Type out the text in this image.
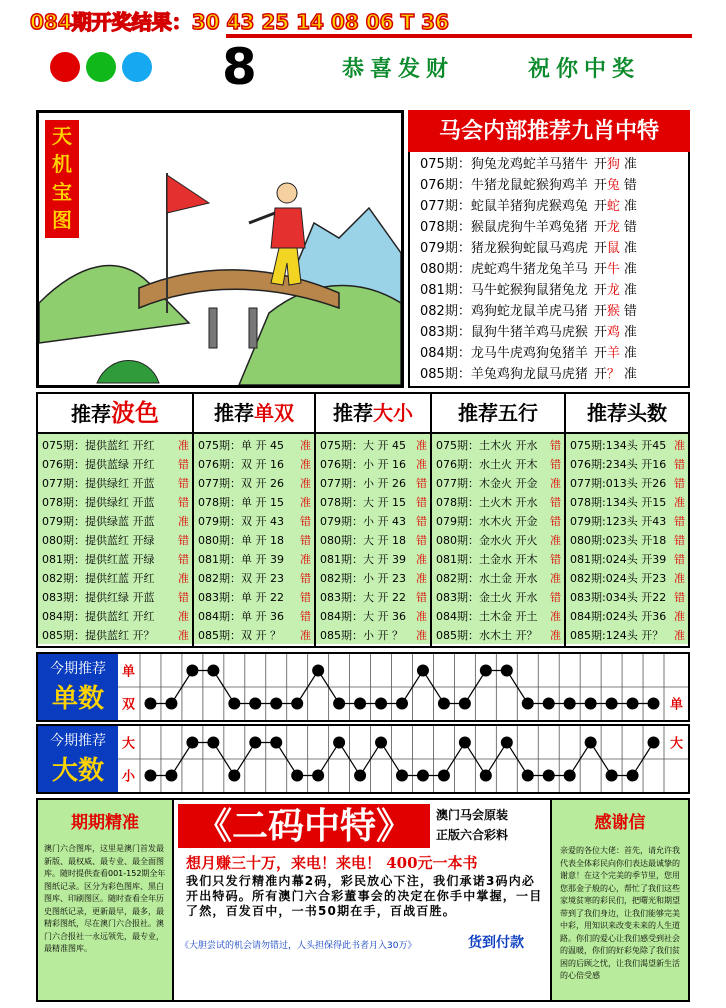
084期开奖结果：30 43 25 14 08 06 T 36
8	恭喜发财	祝你中奖
天
机
宝
图
马会内部推荐九肖中特
075期：狗兔龙鸡蛇羊马猪牛 开狗 准
076期：牛猪龙鼠蛇猴狗鸡羊 开兔 错
077期：蛇鼠羊猪狗虎猴鸡兔 开蛇 准
078期：猴鼠虎狗牛羊鸡兔猪 开龙 错
079期：猪龙猴狗蛇鼠马鸡虎 开鼠 准
080期：虎蛇鸡牛猪龙兔羊马 开牛 准
081期：马牛蛇猴狗鼠猪兔龙 开龙 准
082期：鸡狗蛇龙鼠羊虎马猪 开猴 错
083期：鼠狗牛猪羊鸡马虎猴 开鸡 准
084期：龙马牛虎鸡狗兔猪羊 开羊 准
085期：羊兔鸡狗龙鼠马虎猪 开？ 准
推荐波色
075期：提供蓝红 开红 准
076期：提供蓝绿 开红 错
077期：提供绿红 开蓝 错
078期：提供绿红 开蓝 错
079期：提供绿蓝 开蓝 准
080期：提供蓝红 开绿 错
081期：提供红蓝 开绿 错
082期：提供红蓝 开红 准
083期：提供红绿 开蓝 错
084期：提供蓝红 开红 准
085期：提供蓝红 开？ 准
推荐单双
075期：单 开 45 准
076期：双 开 16 准
077期：双 开 26 准
078期：单 开 15 准
079期：双 开 43 错
080期：单 开 18 错
081期：单 开 39 准
082期：双 开 23 错
083期：单 开 22 错
084期：单 开 36 错
085期：双 开 ？ 准
推荐大小
075期：大 开 45 准
076期：小 开 16 准
077期：小 开 26 错
078期：大 开 15 错
079期：小 开 43 错
080期：大 开 18 错
081期：大 开 39 准
082期：小 开 23 准
083期：大 开 22 错
084期：大 开 36 准
085期：小 开 ？ 准
推荐五行
075期：土木火 开水 错
076期：水土火 开木 错
077期：木金火 开金 准
078期：土火木 开水 错
079期：水木火 开金 错
080期：金水火 开火 准
081期：土金水 开木 错
082期：水土金 开水 准
083期：金土火 开水 错
084期：土木金 开土 准
085期：水木土 开？ 准
推荐头数
075期:134头 开45 准
076期:234头 开16 错
077期:013头 开26 错
078期:134头 开15 准
079期:123头 开43 错
080期:023头 开18 错
081期:024头 开39 错
082期:024头 开23 准
083期:034头 开22 错
084期:024头 开36 准
085期:124头 开？ 准
今期推荐
单数
单
双	单
今期推荐
大数
大
小
大
期期精准
澳门六合图库，这里是澳门首发最新版、最权威、最专业、最全面图库。随时提供查看001-152期全年图纸记录。区分为彩色图库、黑白图库、印刷图区。随时查看全年历史图纸记录，更新最早，最多，最精彩图纸，尽在澳门六合报社。澳门六合报社一永远领先，最专业，最精准图库。
《二码中特》	澳门马会原装
正版六合彩料
想月赚三十万，来电！来电！ 400元一本书
我们只发行精准内幕2码，彩民放心下注，我们承诺3码内必开出特码。所有澳门六合彩董事会的决定在你手中掌握，一目了然，百发百中，一书50期在手，百战百胜。
《大胆尝试的机会请勿错过，人头担保得此书者月入30万》	货到付款
感谢信
亲爱的各位大佬：首先，请允许我代表全体彩民向你们表达最诚挚的谢意！在这个完美的季节里，您用您那金子般的心，帮忙了我们这些家境贫寒的彩民们，把曙光和期望带到了我们身边，让我们能够完美中彩，用知识来改变未来的人生道路。你们的爱心让我们感受到社会的温暖，你们的好彩兔除了我们贫困的后顾之忧，让我们渴望新生活的心倍受感
